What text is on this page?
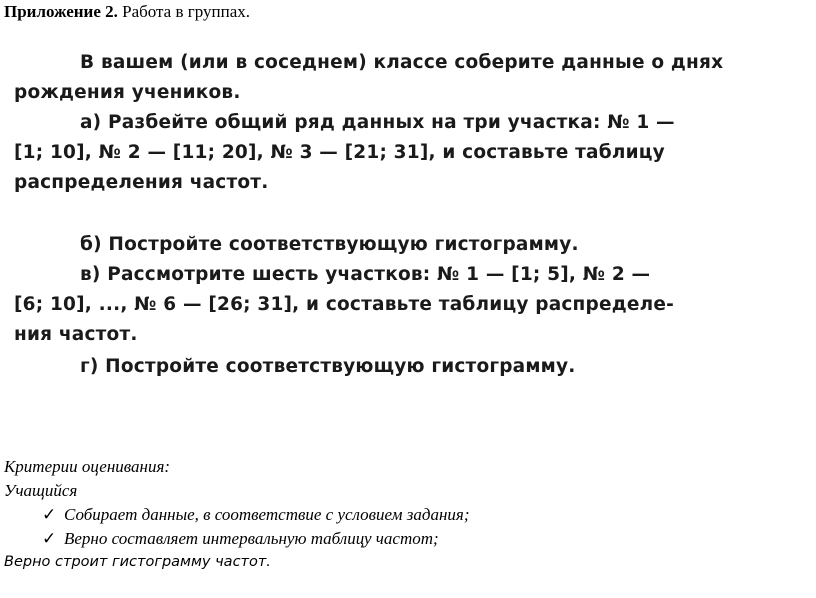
Приложение 2. Работа в группах.
В вашем (или в соседнем) классе соберите данные о днях
рождения учеников.
а) Разбейте общий ряд данных на три участка: № 1 —
[1; 10], № 2 — [11; 20], № 3 — [21; 31], и составьте таблицу
распределения частот.
б) Постройте соответствующую гистограмму.
в) Рассмотрите шесть участков: № 1 — [1; 5], № 2 —
[6; 10], ..., № 6 — [26; 31], и составьте таблицу распределе-
ния частот.
г) Постройте соответствующую гистограмму.
Критерии оценивания:
Учащийся
✓ Собирает данные, в соответствие с условием задания;
✓ Верно составляет интервальную таблицу частот;
Верно строит гистограмму частот.
